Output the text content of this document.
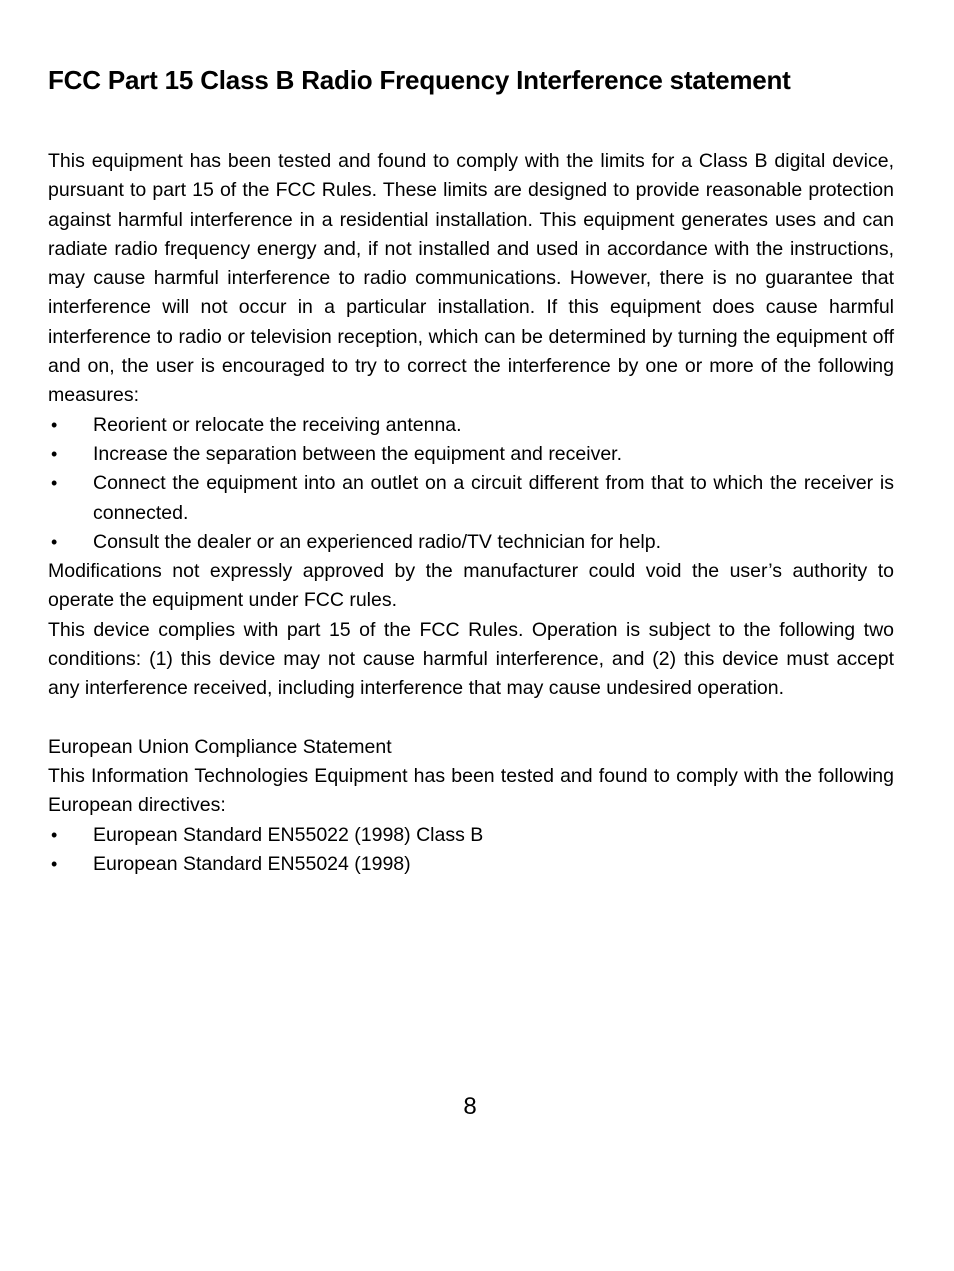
FCC Part 15 Class B Radio Frequency Interference statement

This equipment has been tested and found to comply with the limits for a Class B digital device, pursuant to part 15 of the FCC Rules. These limits are designed to provide reasonable protection against harmful interference in a residential installation. This equipment generates uses and can radiate radio frequency energy and, if not installed and used in accordance with the instructions, may cause harmful interference to radio communications. However, there is no guarantee that interference will not occur in a particular installation. If this equipment does cause harmful interference to radio or television reception, which can be determined by turning the equipment off and on, the user is encouraged to try to correct the interference by one or more of the following measures:

• Reorient or relocate the receiving antenna.
• Increase the separation between the equipment and receiver.
• Connect the equipment into an outlet on a circuit different from that to which the receiver is connected.
• Consult the dealer or an experienced radio/TV technician for help.

Modifications not expressly approved by the manufacturer could void the user’s authority to operate the equipment under FCC rules.

This device complies with part 15 of the FCC Rules. Operation is subject to the following two conditions: (1) this device may not cause harmful interference, and (2) this device must accept any interference received, including interference that may cause undesired operation.

European Union Compliance Statement

This Information Technologies Equipment has been tested and found to comply with the following European directives:

• European Standard EN55022 (1998) Class B
• European Standard EN55024 (1998)
8
